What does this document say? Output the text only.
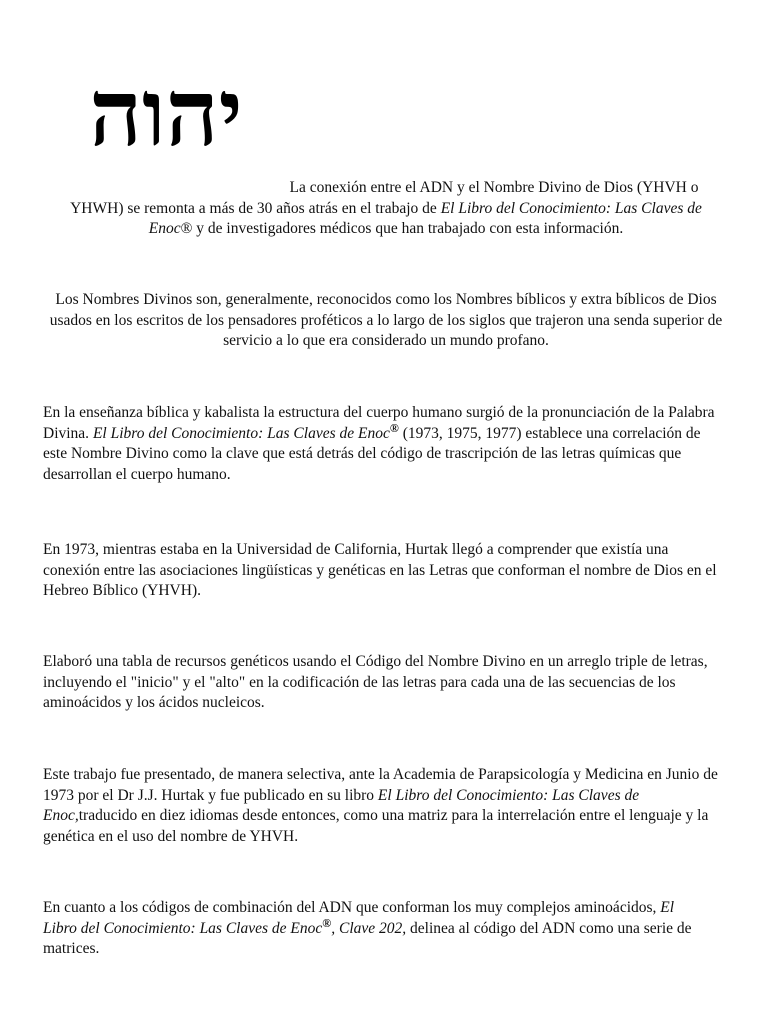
יהוה

La conexión entre el ADN y el Nombre Divino de Dios (YHVH o YHWH) se remonta a más de 30 años atrás en el trabajo de El Libro del Conocimiento: Las Claves de Enoc® y de investigadores médicos que han trabajado con esta información.

Los Nombres Divinos son, generalmente, reconocidos como los Nombres bíblicos y extra bíblicos de Dios usados en los escritos de los pensadores proféticos a lo largo de los siglos que trajeron una senda superior de servicio a lo que era considerado un mundo profano.

En la enseñanza bíblica y kabalista la estructura del cuerpo humano surgió de la pronunciación de la Palabra Divina. El Libro del Conocimiento: Las Claves de Enoc® (1973, 1975, 1977) establece una correlación de este Nombre Divino como la clave que está detrás del código de trascripción de las letras químicas que desarrollan el cuerpo humano.

En 1973, mientras estaba en la Universidad de California, Hurtak llegó a comprender que existía una conexión entre las asociaciones lingüísticas y genéticas en las Letras que conforman el nombre de Dios en el Hebreo Bíblico (YHVH).

Elaboró una tabla de recursos genéticos usando el Código del Nombre Divino en un arreglo triple de letras, incluyendo el "inicio" y el "alto" en la codificación de las letras para cada una de las secuencias de los aminoácidos y los ácidos nucleicos.

Este trabajo fue presentado, de manera selectiva, ante la Academia de Parapsicología y Medicina en Junio de 1973 por el Dr J.J. Hurtak y fue publicado en su libro El Libro del Conocimiento: Las Claves de Enoc,traducido en diez idiomas desde entonces, como una matriz para la interrelación entre el lenguaje y la genética en el uso del nombre de YHVH.

En cuanto a los códigos de combinación del ADN que conforman los muy complejos aminoácidos, El Libro del Conocimiento: Las Claves de Enoc®, Clave 202, delinea al código del ADN como una serie de matrices.
